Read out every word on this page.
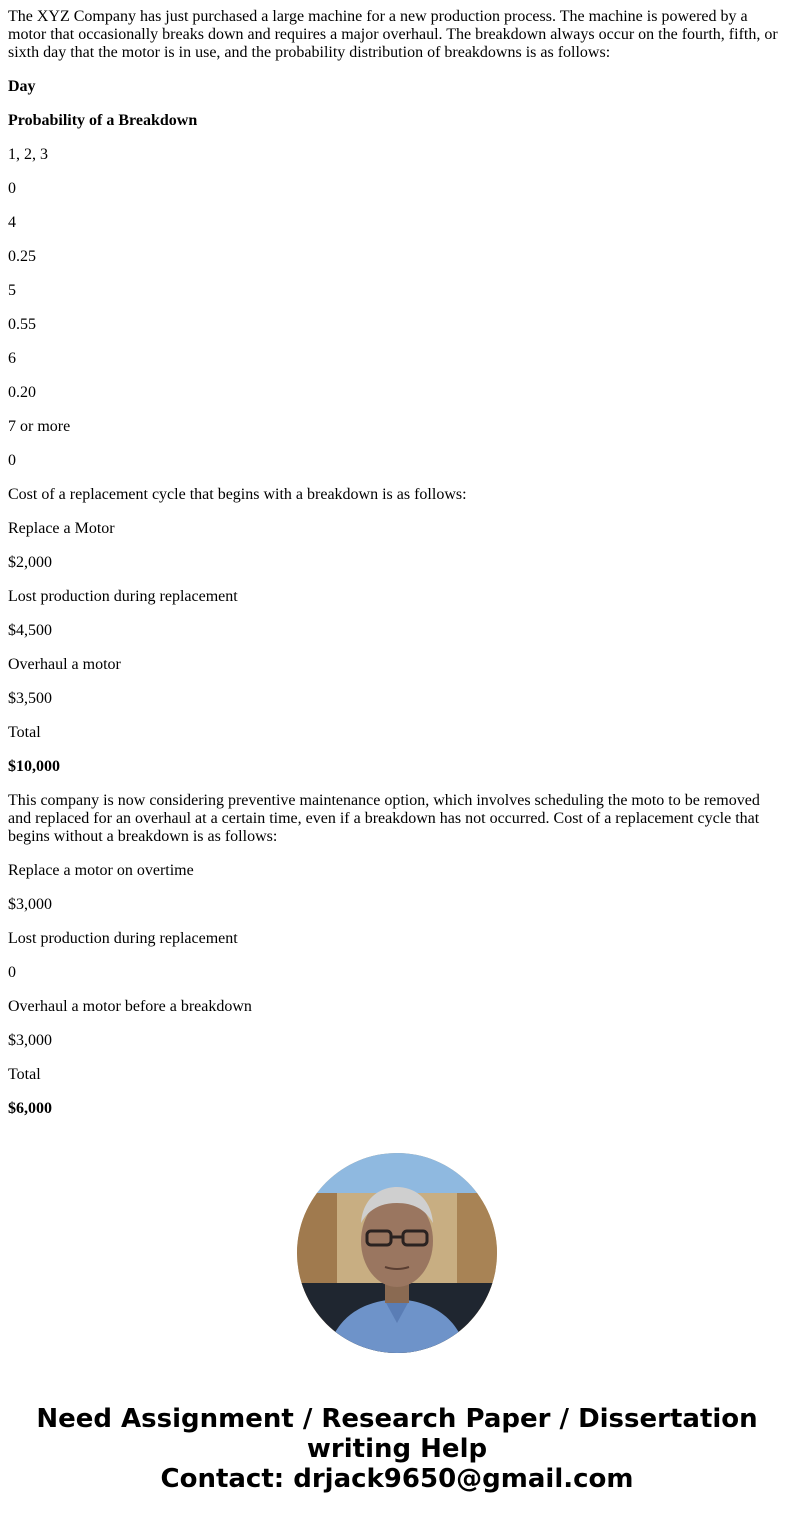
The XYZ Company has just purchased a large machine for a new production process. The machine is powered by a motor that occasionally breaks down and requires a major overhaul. The breakdown always occur on the fourth, fifth, or sixth day that the motor is in use, and the probability distribution of breakdowns is as follows:

Day

Probability of a Breakdown

1, 2, 3

0

4

0.25

5

0.55

6

0.20

7 or more

0

Cost of a replacement cycle that begins with a breakdown is as follows:

Replace a Motor

$2,000

Lost production during replacement

$4,500

Overhaul a motor

$3,500

Total

$10,000

This company is now considering preventive maintenance option, which involves scheduling the moto to be removed and replaced for an overhaul at a certain time, even if a breakdown has not occurred. Cost of a replacement cycle that begins without a breakdown is as follows:

Replace a motor on overtime

$3,000

Lost production during replacement

0

Overhaul a motor before a breakdown

$3,000

Total

$6,000

Need Assignment / Research Paper / Dissertation
writing Help
Contact: drjack9650@gmail.com
